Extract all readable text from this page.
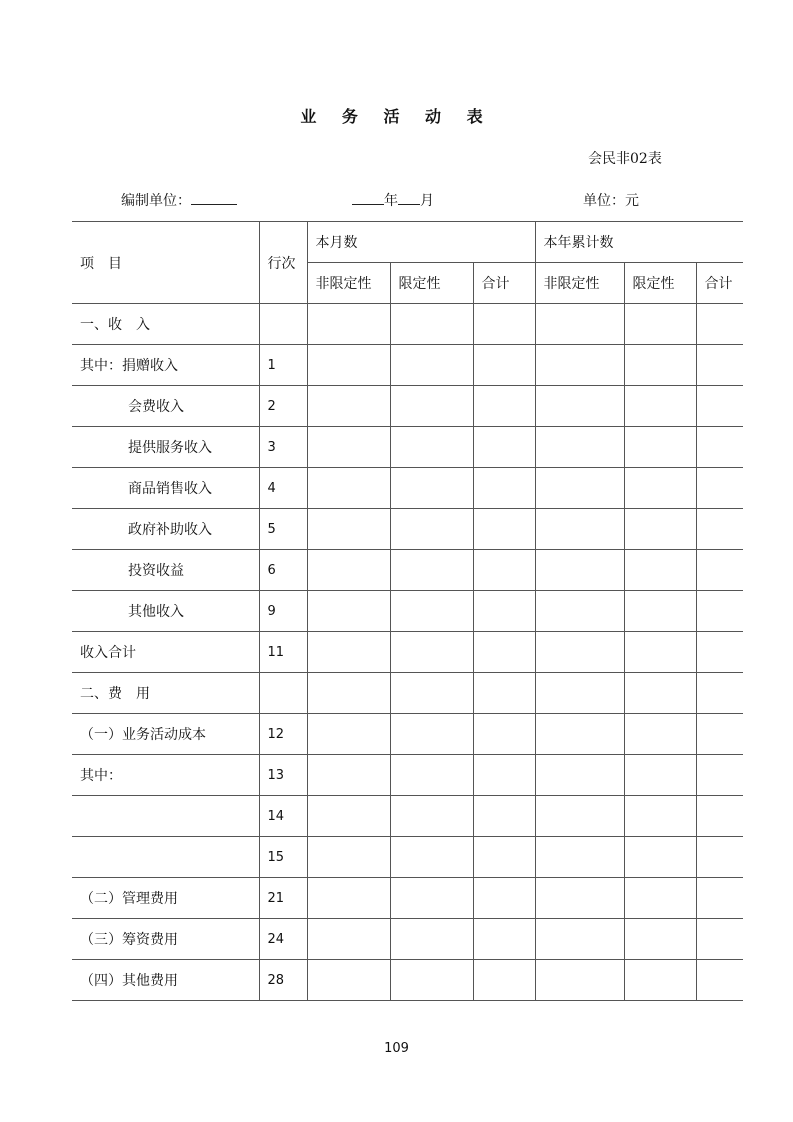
业 务 活 动 表
会民非02表
编制单位：	年 月	单位：元
项　目	行次	本月数			本年累计数		
		非限定性	限定性	合计	非限定性	限定性	合计
一、收　入							
其中：捐赠收入	1						
会费收入	2						
提供服务收入	3						
商品销售收入	4						
政府补助收入	5						
投资收益	6						
其他收入	9						
收入合计	11						
二、费　用							
（一）业务活动成本	12						
其中：	13						
	14						
	15						
（二）管理费用	21						
（三）筹资费用	24						
（四）其他费用	28						
109
